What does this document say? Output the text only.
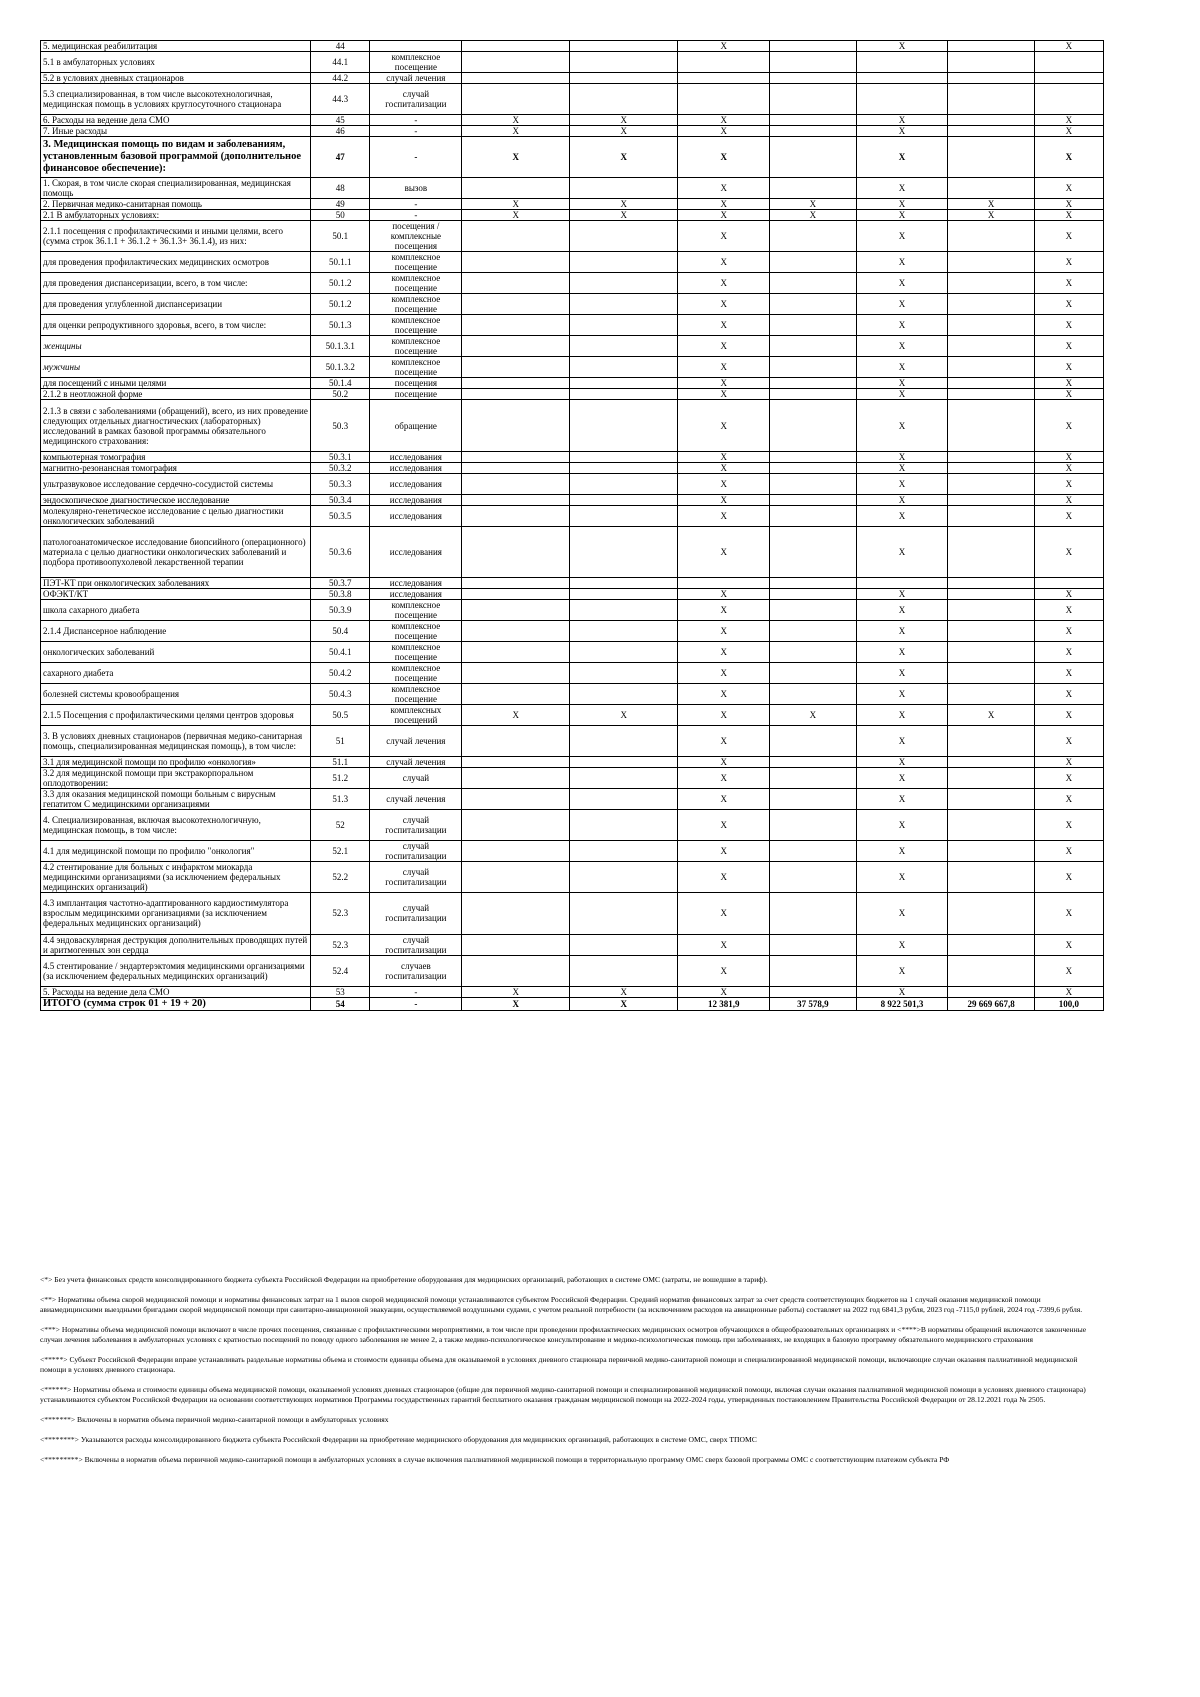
5. медицинская реабилитация	44				X		X		X
5.1 в амбулаторных условиях	44.1	комплексное посещение							
5.2 в условиях дневных стационаров	44.2	случай лечения							
5.3 специализированная, в том числе высокотехнологичная, медицинская помощь в условиях круглосуточного стационара	44.3	случай госпитализации							
6. Расходы на ведение дела СМО	45	-	X	X	X		X		X
7. Иные расходы	46	-	X	X	X		X		X
3. Медицинская помощь по видам и заболеваниям, установленным базовой программой (дополнительное финансовое обеспечение):	47	-	X	X	X		X		X
1. Скорая, в том числе скорая специализированная, медицинская помощь	48	вызов			X		X		X
2. Первичная медико-санитарная помощь	49	-	X	X	X	X	X	X	X
2.1 В амбулаторных условиях:	50	-	X	X	X	X	X	X	X
2.1.1 посещения с профилактическими и иными целями, всего (сумма строк 36.1.1 + 36.1.2 + 36.1.3+ 36.1.4), из них:	50.1	посещения / комплексные посещения			X		X		X
для проведения профилактических медицинских осмотров	50.1.1	комплексное посещение			X		X		X
для проведения диспансеризации, всего, в том числе:	50.1.2	комплексное посещение			X		X		X
для проведения углубленной диспансеризации	50.1.2	комплексное посещение			X		X		X
для оценки репродуктивного здоровья, всего, в том числе:	50.1.3	комплексное посещение			X		X		X
женщины	50.1.3.1	комплексное посещение			X		X		X
мужчины	50.1.3.2	комплексное посещение			X		X		X
для посещений с иными целями	50.1.4	посещения			X		X		X
2.1.2 в неотложной форме	50.2	посещение			X		X		X
2.1.3 в связи с заболеваниями (обращений), всего, из них проведение следующих отдельных диагностических (лабораторных) исследований в рамках базовой программы обязательного медицинского страхования:	50.3	обращение			X		X		X
компьютерная томография	50.3.1	исследования			X		X		X
магнитно-резонансная томография	50.3.2	исследования			X		X		X
ультразвуковое исследование сердечно-сосудистой системы	50.3.3	исследования			X		X		X
эндоскопическое диагностическое исследование	50.3.4	исследования			X		X		X
молекулярно-генетическое исследование с целью диагностики онкологических заболеваний	50.3.5	исследования			X		X		X
патологоанатомическое исследование биопсийного (операционного) материала с целью диагностики онкологических заболеваний и подбора противоопухолевой лекарственной терапии	50.3.6	исследования			X		X		X
ПЭТ-КТ при онкологических заболеваниях	50.3.7	исследования							
ОФЭКТ/КТ	50.3.8	исследования			X		X		X
школа сахарного диабета	50.3.9	комплексное посещение			X		X		X
2.1.4 Диспансерное наблюдение	50.4	комплексное посещение			X		X		X
онкологических заболеваний	50.4.1	комплексное посещение			X		X		X
сахарного диабета	50.4.2	комплексное посещение			X		X		X
болезней системы кровообращения	50.4.3	комплексное посещение			X		X		X
2.1.5 Посещения с профилактическими целями центров здоровья	50.5	комплексных посещений	X	X	X	X	X	X	X
3. В условиях дневных стационаров (первичная медико-санитарная помощь, специализированная медицинская помощь), в том числе:	51	случай лечения			X		X		X
3.1 для медицинской помощи по профилю «онкология»	51.1	случай лечения			X		X		X
3.2 для медицинской помощи при экстракорпоральном оплодотворении:	51.2	случай			X		X		X
3.3 для оказания медицинской помощи больным с вирусным гепатитом С медицинскими организациями	51.3	случай лечения			X		X		X
4. Специализированная, включая высокотехнологичную, медицинская помощь, в том числе:	52	случай госпитализации			X		X		X
4.1 для медицинской помощи по профилю "онкология"	52.1	случай госпитализации			X		X		X
4.2 стентирование для больных с инфарктом миокарда медицинскими организациями (за исключением федеральных медицинских организаций)	52.2	случай госпитализации			X		X		X
4.3 имплантация частотно-адаптированного кардиостимулятора взрослым медицинскими организациями (за исключением федеральных медицинских организаций)	52.3	случай госпитализации			X		X		X
4.4 эндоваскулярная деструкция дополнительных проводящих путей и аритмогенных зон сердца	52.3	случай госпитализации			X		X		X
4.5 стентирование / эндартерэктомия медицинскими организациями (за исключением федеральных медицинских организаций)	52.4	случаев госпитализации			X		X		X
5. Расходы на ведение дела СМО	53	-	X	X	X		X		X
ИТОГО (сумма строк 01 + 19 + 20)	54	-	X	X	12 381,9	37 578,9	8 922 501,3	29 669 667,8	100,0

<*> Без учета финансовых средств консолидированного бюджета субъекта Российской Федерации на приобретение оборудования для медицинских организаций, работающих в системе ОМС (затраты, не вошедшие в тариф).

<**> Нормативы объема скорой медицинской помощи и нормативы финансовых затрат на 1 вызов скорой медицинской помощи устанавливаются субъектом Российской Федерации. Средний норматив финансовых затрат за счет средств соответствующих бюджетов на 1 случай оказания медицинской помощи авиамедицинскими выездными бригадами скорой медицинской помощи при санитарно-авиационной эвакуации, осуществляемой воздушными судами, с учетом реальной потребности (за исключением расходов на авиационные работы) составляет на 2022 год 6841,3 рубля, 2023 год -7115,0 рублей, 2024 год -7399,6 рубля.

<***> Нормативы объема медицинской помощи включают в числе прочих посещения, связанные с профилактическими мероприятиями, в том числе при проведении профилактических медицинских осмотров обучающихся в общеобразовательных организациях и <****>В нормативы обращений включаются законченные случаи лечения заболевания в амбулаторных условиях с кратностью посещений по поводу одного заболевания не менее 2, а также медико-психологическое консультирование и медико-психологическая помощь при заболеваниях, не входящих в базовую программу обязательного медицинского страхования

<*****> Субъект Российской Федерации вправе устанавливать раздельные нормативы объема и стоимости единицы объема для оказываемой в условиях дневного стационара первичной медико-санитарной помощи и специализированной медицинской помощи, включающие случаи оказания паллиативной медицинской помощи в условиях дневного стационара.

<******> Нормативы объема и стоимости единицы объема медицинской помощи, оказываемой условиях дневных стационаров (общие для первичной медико-санитарной помощи и специализированной медицинской помощи, включая случаи оказания паллиативной медицинской помощи в условиях дневного стационара) устанавливаются субъектом Российской Федерации на основании соответствующих нормативов Программы государственных гарантий бесплатного оказания гражданам медицинской помощи на 2022-2024 годы, утвержденных постановлением Правительства Российской Федерации от 28.12.2021 года № 2505.

<*******> Включены в норматив объема первичной медико-санитарной помощи в амбулаторных условиях

<********> Указываются расходы консолидированного бюджета субъекта Российской Федерации на приобретение медицинского оборудования для медицинских организаций, работающих в системе ОМС, сверх ТПОМС

<*********> Включены в норматив объема первичной медико-санитарной помощи в амбулаторных условиях в случае включения паллиативной медицинской помощи в территориальную программу ОМС сверх базовой программы ОМС с соответствующим платежом субъекта РФ
